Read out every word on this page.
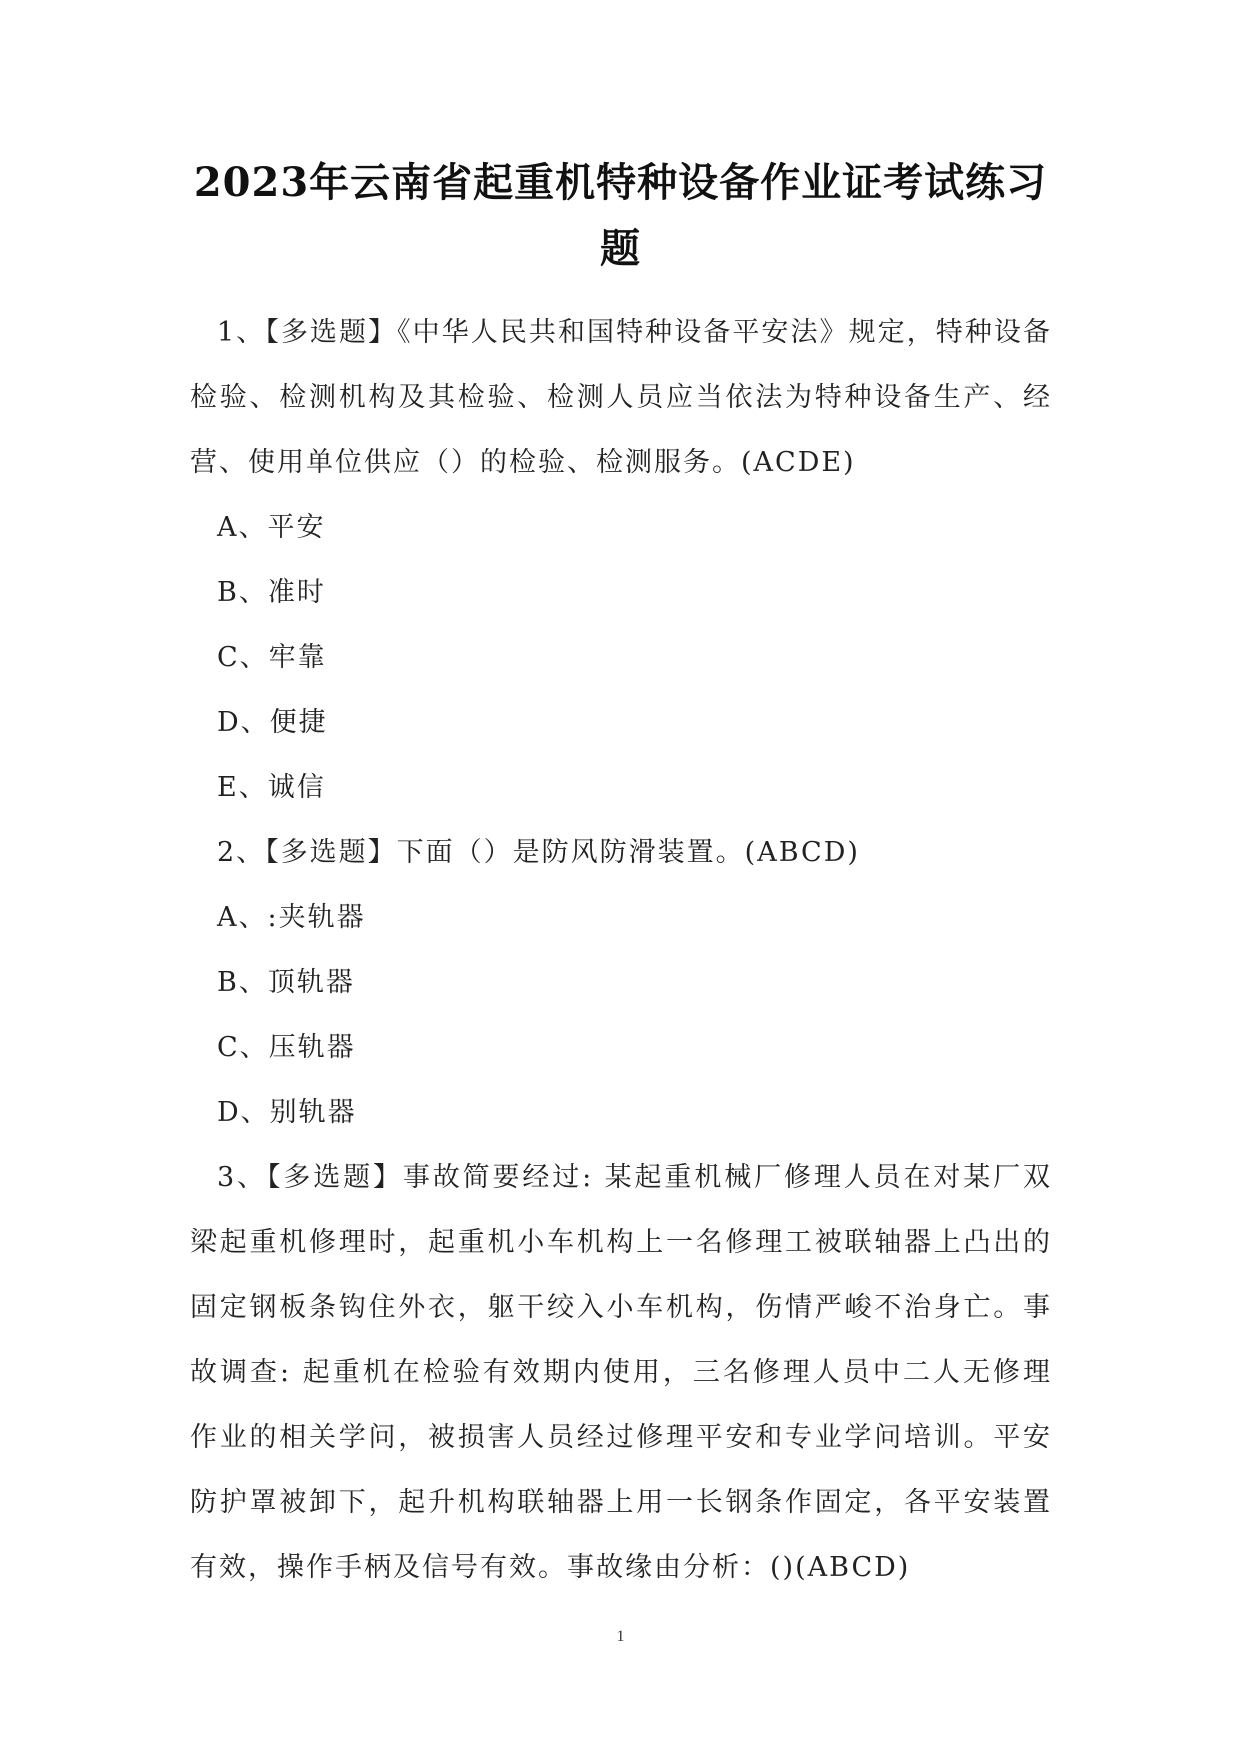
2023年云南省起重机特种设备作业证考试练习题

1、【多选题】《中华人民共和国特种设备平安法》规定，特种设备检验、检测机构及其检验、检测人员应当依法为特种设备生产、经营、使用单位供应（）的检验、检测服务。(ACDE)

A、平安

B、准时

C、牢靠

D、便捷

E、诚信

2、【多选题】下面（）是防风防滑装置。(ABCD)

A、:夹轨器

B、顶轨器

C、压轨器

D、别轨器

3、【多选题】事故简要经过: 某起重机械厂修理人员在对某厂双梁起重机修理时，起重机小车机构上一名修理工被联轴器上凸出的固定钢板条钩住外衣，躯干绞入小车机构，伤情严峻不治身亡。事故调查: 起重机在检验有效期内使用，三名修理人员中二人无修理作业的相关学问，被损害人员经过修理平安和专业学问培训。平安防护罩被卸下，起升机构联轴器上用一长钢条作固定，各平安装置有效，操作手柄及信号有效。事故缘由分析：()(ABCD)

1
